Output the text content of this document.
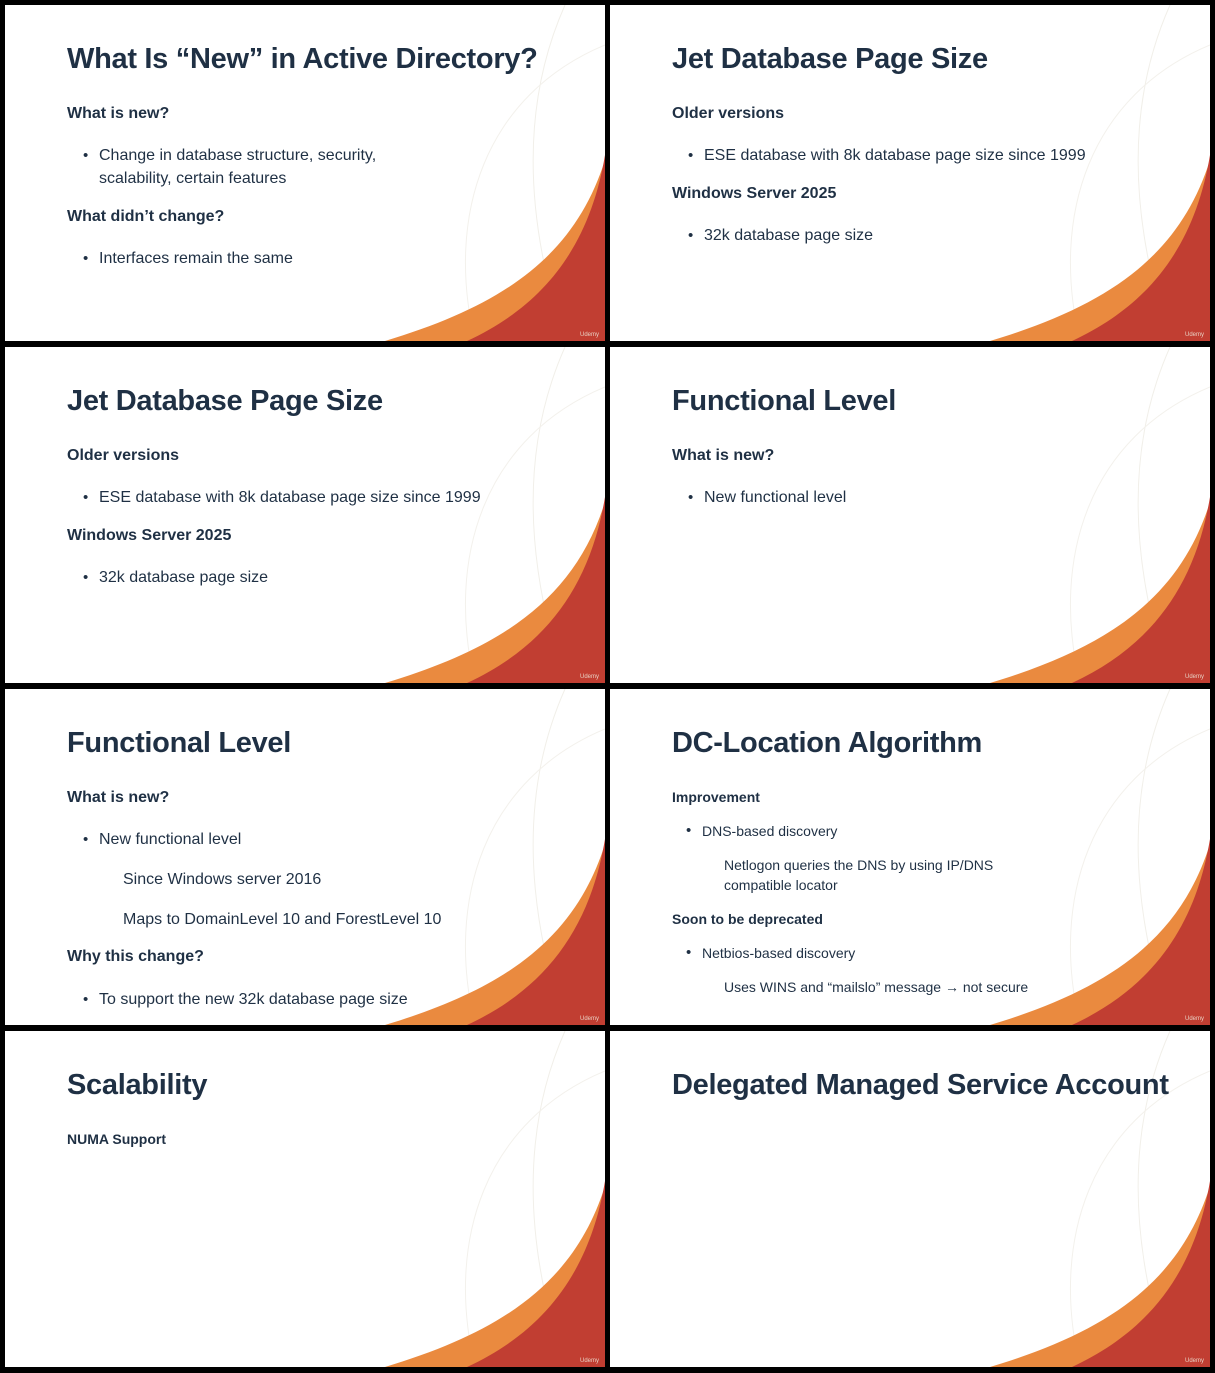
What Is “New” in Active Directory?
What is new?
• Change in database structure, security, scalability, certain features
What didn’t change?
• Interfaces remain the same
Udemy
Jet Database Page Size
Older versions
• ESE database with 8k database page size since 1999
Windows Server 2025
• 32k database page size
Udemy
Jet Database Page Size
Older versions
• ESE database with 8k database page size since 1999
Windows Server 2025
• 32k database page size
Udemy
Functional Level
What is new?
• New functional level
Udemy
Functional Level
What is new?
• New functional level
Since Windows server 2016
Maps to DomainLevel 10 and ForestLevel 10
Why this change?
• To support the new 32k database page size
Udemy
DC-Location Algorithm
Improvement
• DNS-based discovery
Netlogon queries the DNS by using IP/DNS compatible locator
Soon to be deprecated
• Netbios-based discovery
Uses WINS and “mailslo” message → not secure
Udemy
Scalability
NUMA Support
Udemy
Delegated Managed Service Account
Udemy
